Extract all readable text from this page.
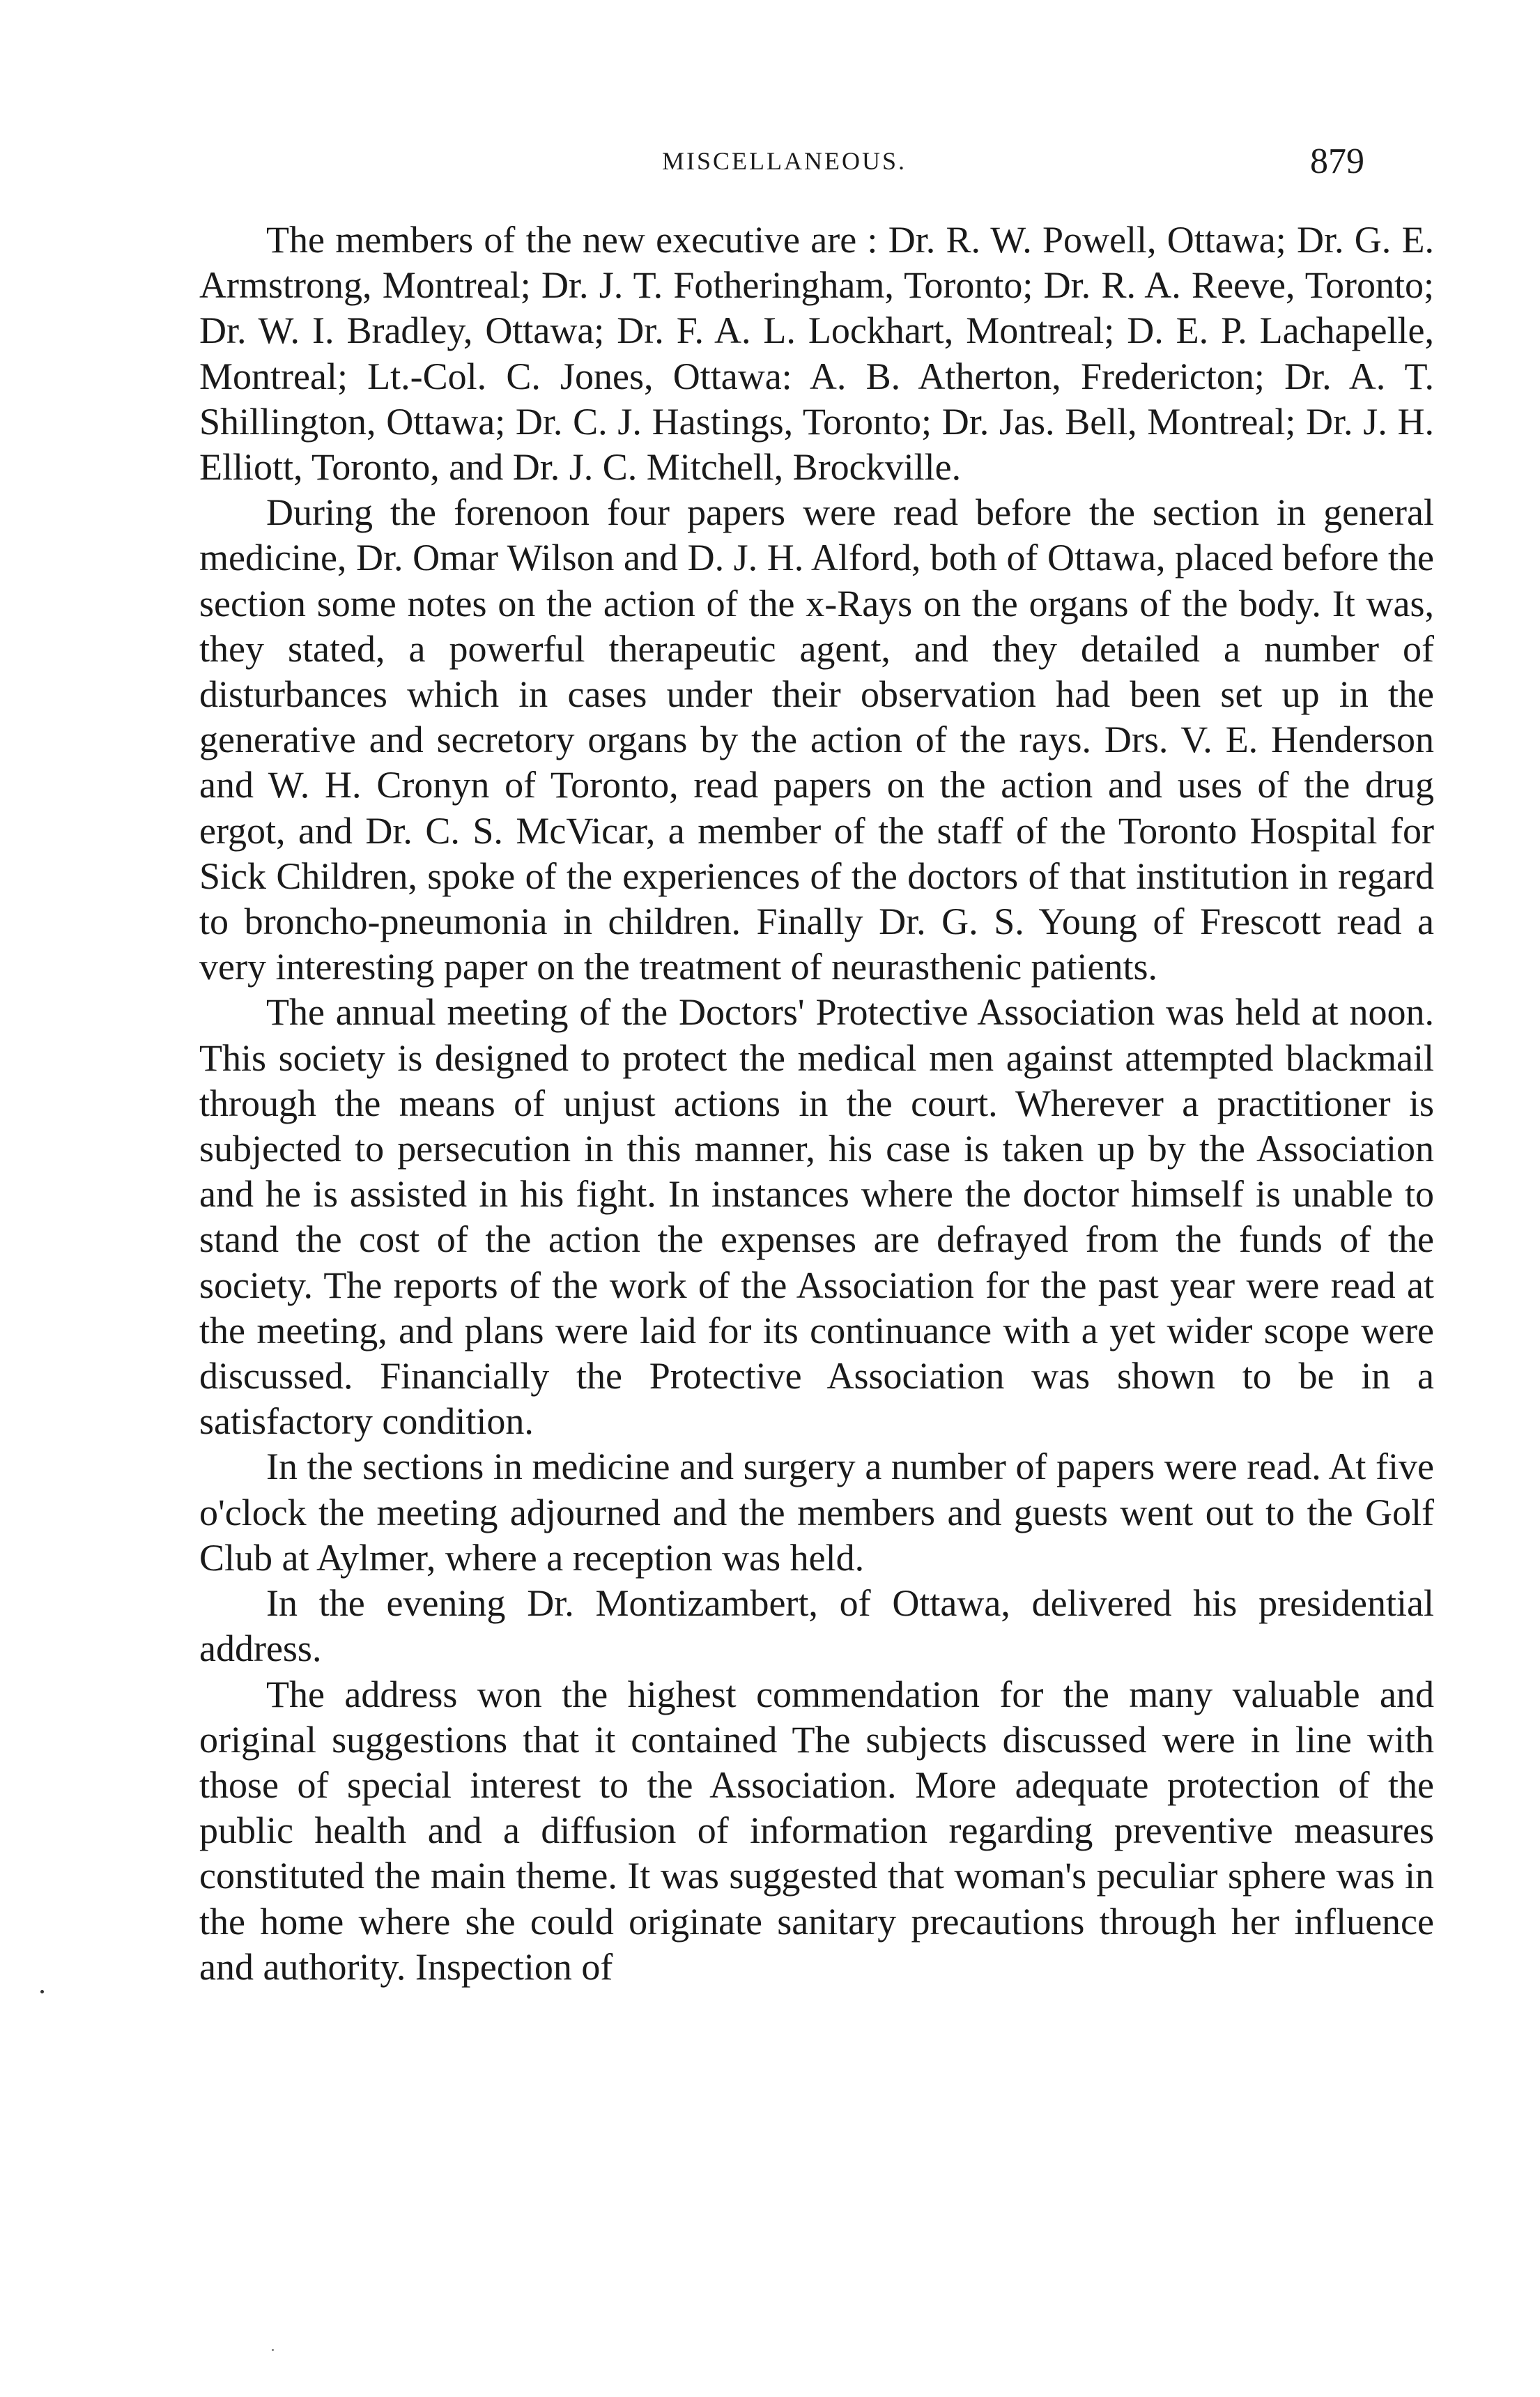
MISCELLANEOUS.	879

The members of the new executive are : Dr. R. W. Powell, Ottawa; Dr. G. E. Armstrong, Montreal; Dr. J. T. Fotheringham, Toronto; Dr. R. A. Reeve, Toronto; Dr. W. I. Bradley, Ottawa; Dr. F. A. L. Lockhart, Montreal; D. E. P. Lachapelle, Montreal; Lt.-Col. C. Jones, Ottawa: A. B. Atherton, Fredericton; Dr. A. T. Shillington, Ottawa; Dr. C. J. Hastings, Toronto; Dr. Jas. Bell, Montreal; Dr. J. H. Elliott, Toronto, and Dr. J. C. Mitchell, Brockville.

During the forenoon four papers were read before the section in general medicine, Dr. Omar Wilson and D. J. H. Alford, both of Ottawa, placed before the section some notes on the action of the x-Rays on the organs of the body. It was, they stated, a powerful therapeutic agent, and they detailed a number of disturbances which in cases under their observation had been set up in the generative and secretory organs by the action of the rays. Drs. V. E. Henderson and W. H. Cronyn of Toronto, read papers on the action and uses of the drug ergot, and Dr. C. S. McVicar, a member of the staff of the Toronto Hospital for Sick Children, spoke of the experiences of the doctors of that institution in regard to broncho-pneumonia in children. Finally Dr. G. S. Young of Frescott read a very interesting paper on the treatment of neurasthenic patients.

The annual meeting of the Doctors' Protective Association was held at noon. This society is designed to protect the medical men against attempted blackmail through the means of unjust actions in the court. Wherever a practitioner is subjected to persecution in this manner, his case is taken up by the Association and he is assisted in his fight. In instances where the doctor himself is unable to stand the cost of the action the expenses are defrayed from the funds of the society. The reports of the work of the Association for the past year were read at the meeting, and plans were laid for its continuance with a yet wider scope were discussed. Financially the Protective Association was shown to be in a satisfactory condition.

In the sections in medicine and surgery a number of papers were read. At five o'clock the meeting adjourned and the members and guests went out to the Golf Club at Aylmer, where a reception was held.

In the evening Dr. Montizambert, of Ottawa, delivered his presidential address.

The address won the highest commendation for the many valuable and original suggestions that it contained The subjects discussed were in line with those of special interest to the Association. More adequate protection of the public health and a diffusion of information regarding preventive measures constituted the main theme. It was suggested that woman's peculiar sphere was in the home where she could originate sanitary precautions through her influence and authority. Inspection of
